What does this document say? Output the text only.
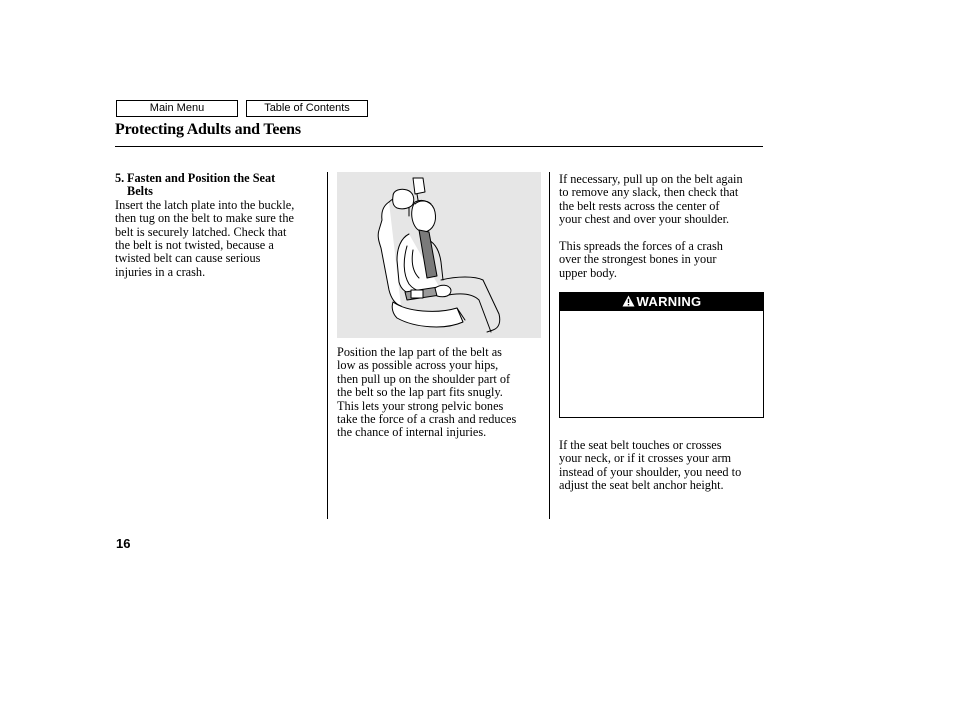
Main Menu	Table of Contents
Protecting Adults and Teens
5. Fasten and Position the Seat
Belts
Insert the latch plate into the buckle,
then tug on the belt to make sure the
belt is securely latched. Check that
the belt is not twisted, because a
twisted belt can cause serious
injuries in a crash.
Position the lap part of the belt as
low as possible across your hips,
then pull up on the shoulder part of
the belt so the lap part fits snugly.
This lets your strong pelvic bones
take the force of a crash and reduces
the chance of internal injuries.
If necessary, pull up on the belt again
to remove any slack, then check that
the belt rests across the center of
your chest and over your shoulder.
This spreads the forces of a crash
over the strongest bones in your
upper body.
WARNING
If the seat belt touches or crosses
your neck, or if it crosses your arm
instead of your shoulder, you need to
adjust the seat belt anchor height.
16
